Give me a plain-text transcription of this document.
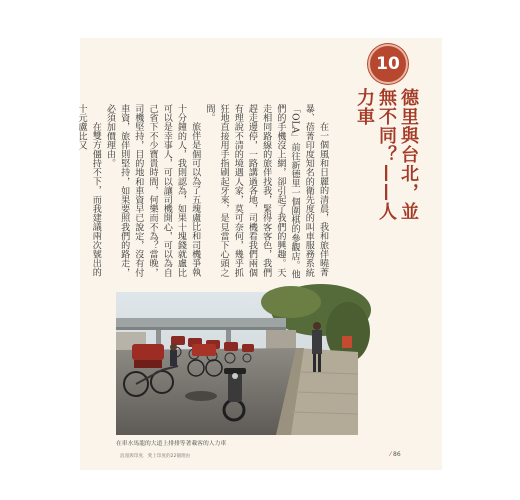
10
德里與台北，並無不同？——人力車

在一個風和日麗的清晨，我和旅伴曉菁暴、蓓菁印度知名的衛先度的叫車服務系統「OLA」前往新德里一個圍棋的參觀店。他們的手機沒上網，卻引起了我們的興趣。天走相同路線的旅伴找我，緊得客客色，我們趕走邊停，一路講過各地，司機看我們兩個有理說不清的境遇人家，莫可奈何，幾乎抓狂地直接用手指刷起牙來，是見當下心頭之間。

旅伴是個可以為了五塊盧比和司機爭執十分鐘的人，我則認為，如果十塊錢就盧比可以是幸事人，可以讓司機開心，可以為自己省下不少寶貴時間，何樂而不為？當晚，司機堅持，目的地和車資早已說定，沒有付車資，旅伴則堅持，如果要照我們的路走，必須加價理由。

在雙方僵持不下，而我建議兩次號出的十元盧比又

在車水馬龍的大道上排排等著載客的人力車
浪漫與印度．愛上印度的22個理由	⁄ 86
